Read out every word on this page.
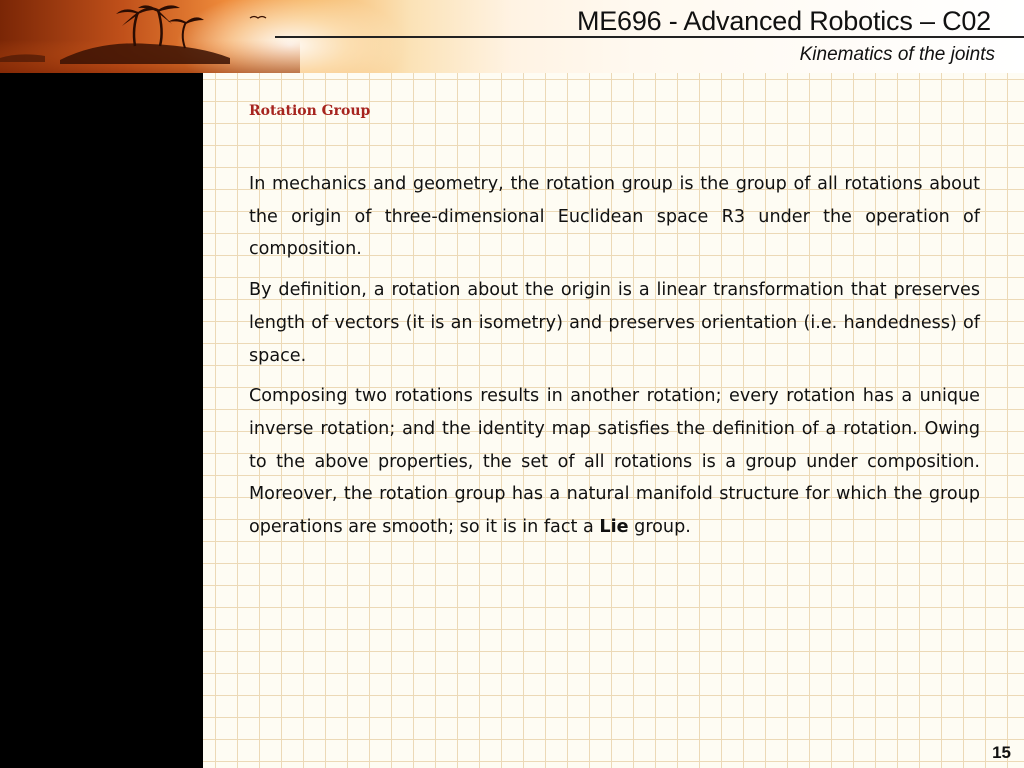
ME696 - Advanced Robotics – C02
Kinematics of the joints
Rotation Group

In mechanics and geometry, the rotation group is the group of all rotations about the origin of three-dimensional Euclidean space R3 under the operation of composition.

By definition, a rotation about the origin is a linear transformation that preserves length of vectors (it is an isometry) and preserves orientation (i.e. handedness) of space.

Composing two rotations results in another rotation; every rotation has a unique inverse rotation; and the identity map satisfies the definition of a rotation. Owing to the above properties, the set of all rotations is a group under composition. Moreover, the rotation group has a natural manifold structure for which the group operations are smooth; so it is in fact a Lie group.

15
